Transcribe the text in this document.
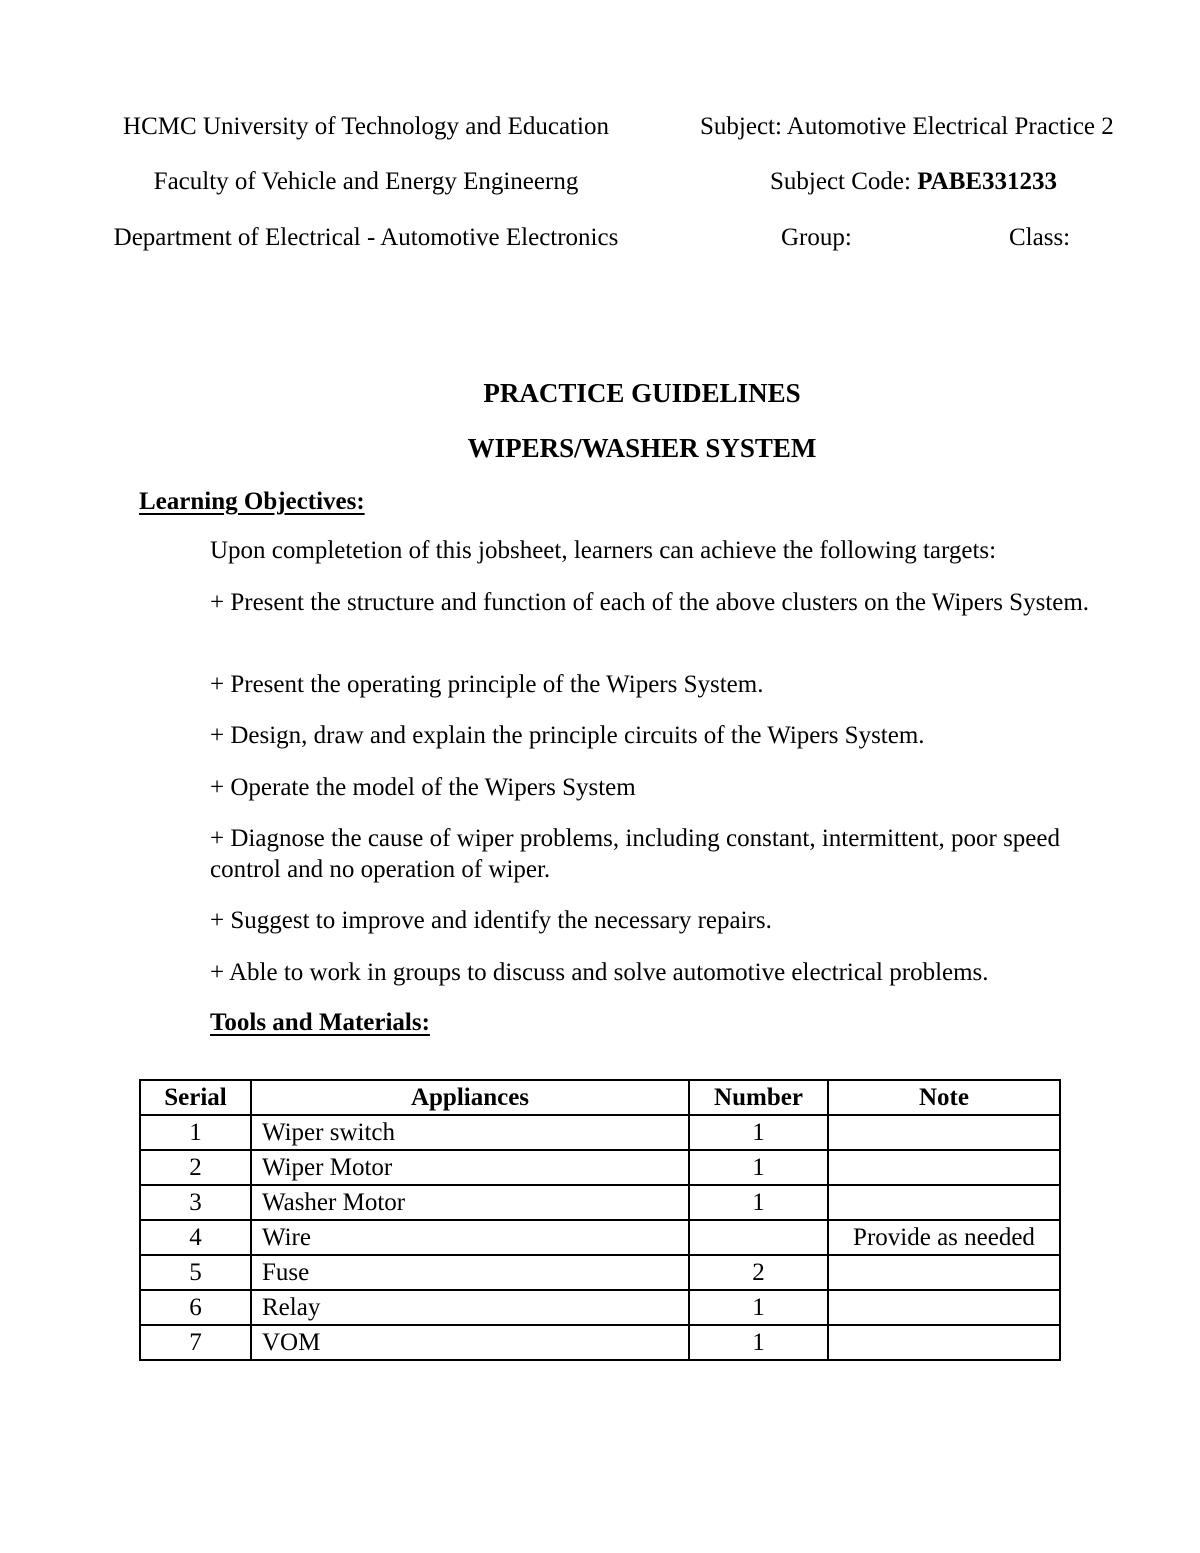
HCMC University of Technology and Education
Faculty of Vehicle and Energy Engineerng
Department of Electrical - Automotive Electronics
Subject: Automotive Electrical Practice 2
Subject Code: PABE331233
Group:	Class:
PRACTICE GUIDELINES
WIPERS/WASHER SYSTEM
Learning Objectives:
Upon completetion of this jobsheet, learners can achieve the following targets:
+ Present the structure and function of each of the above clusters on the Wipers System.
+ Present the operating principle of the Wipers System.
+ Design, draw and explain the principle circuits of the Wipers System.
+ Operate the model of the Wipers System
+ Diagnose the cause of wiper problems, including constant, intermittent, poor speed control and no operation of wiper.
+ Suggest to improve and identify the necessary repairs.
+ Able to work in groups to discuss and solve automotive electrical problems.
Tools and Materials:
Serial	Appliances	Number	Note
1	Wiper switch	1	
2	Wiper Motor	1	
3	Washer Motor	1	
4	Wire		Provide as needed
5	Fuse	2	
6	Relay	1	
7	VOM	1	
